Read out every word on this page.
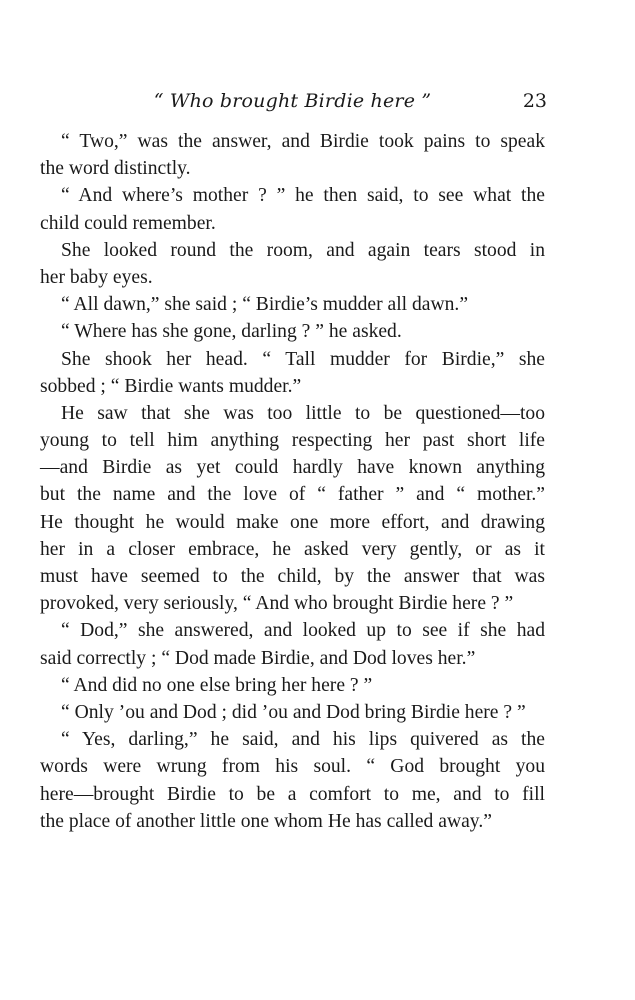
“ Who brought Birdie here ”	23
“ Two,” was the answer, and Birdie took pains to speak
the word distinctly.
“ And where’s mother ? ” he then said, to see what the
child could remember.
She looked round the room, and again tears stood in
her baby eyes.
“ All dawn,” she said ; “ Birdie’s mudder all dawn.”
“ Where has she gone, darling ? ” he asked.
She shook her head. “ Tall mudder for Birdie,” she
sobbed ; “ Birdie wants mudder.”
He saw that she was too little to be questioned—too
young to tell him anything respecting her past short life
—and Birdie as yet could hardly have known anything
but the name and the love of “ father ” and “ mother.”
He thought he would make one more effort, and drawing
her in a closer embrace, he asked very gently, or as it
must have seemed to the child, by the answer that was
provoked, very seriously, “ And who brought Birdie here ? ”
“ Dod,” she answered, and looked up to see if she had
said correctly ; “ Dod made Birdie, and Dod loves her.”
“ And did no one else bring her here ? ”
“ Only ’ou and Dod ; did ’ou and Dod bring Birdie here ? ”
“ Yes, darling,” he said, and his lips quivered as the
words were wrung from his soul. “ God brought you
here—brought Birdie to be a comfort to me, and to fill
the place of another little one whom He has called away.”
